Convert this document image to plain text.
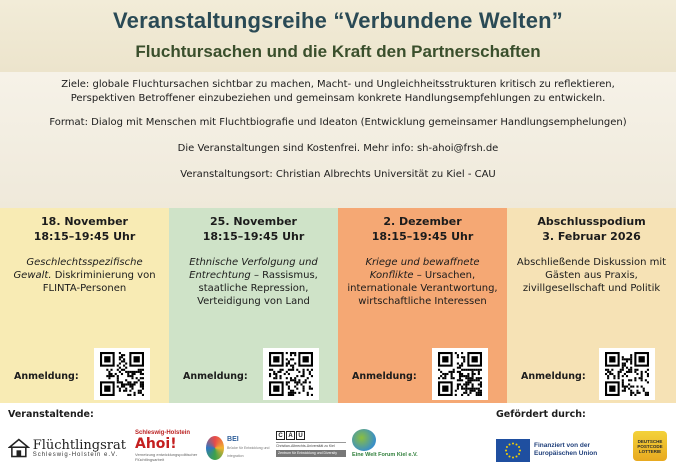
Veranstaltungsreihe “Verbundene Welten”
Fluchtursachen und die Kraft den Partnerschaften

Ziele: globale Fluchtursachen sichtbar zu machen, Macht- und Ungleichheitsstrukturen kritisch zu reflektieren,

Perspektiven Betroffener einzubeziehen und gemeinsam konkrete Handlungsempfehlungen zu entwickeln.

Format: Dialog mit Menschen mit Fluchtbiografie und Ideaton (Entwicklung gemeinsamer Handlungsemphelungen)

Die Veranstaltungen sind Kostenfrei. Mehr info: sh-ahoi@frsh.de

Veranstaltungsort: Christian Albrechts Universität zu Kiel - CAU

18. November
18:15–19:45 Uhr
Geschlechtsspezifische Gewalt. Diskriminierung von FLINTA-Personen
Anmeldung:
25. November
18:15–19:45 Uhr
Ethnische Verfolgung und Entrechtung – Rassismus, staatliche Repression, Verteidigung von Land
Anmeldung:
2. Dezember
18:15–19:45 Uhr
Kriege und bewaffnete Konflikte – Ursachen, internationale Verantwortung, wirtschaftliche Interessen
Anmeldung:
Abschlusspodium
3. Februar 2026
Abschließende Diskussion mit Gästen aus Praxis, zivillgesellschaft und Politik
Anmeldung:
Veranstaltende:	Gefördert durch:
Flüchtlingsrat
Schleswig-Holstein e.V.
Schleswig-Holstein
Ahoi!
Vernetzung entwicklungspolitischer Flüchtlingsarbeit
BEI
Brücke für Entwicklung und Integration
C A U
Christian-Albrechts-Universität zu Kiel
Zentrum für Entwicklung und Diversity Studies
Eine Welt Forum Kiel e.V.
Finanziert von der
Europäischen Union
DEUTSCHE
POSTCODE
LOTTERIE
